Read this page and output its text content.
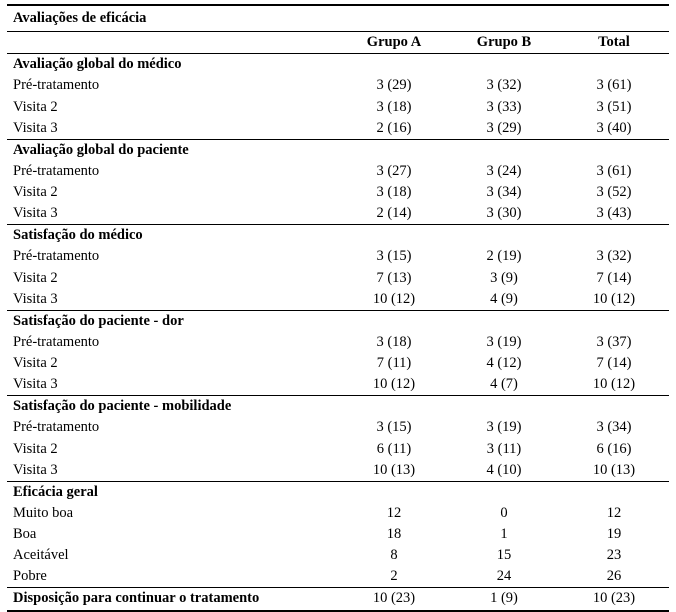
Avaliações de eficácia			
	Grupo A	Grupo B	Total
Avaliação global do médico			
Pré-tratamento	3 (29)	3 (32)	3 (61)
Visita 2	3 (18)	3 (33)	3 (51)
Visita 3	2 (16)	3 (29)	3 (40)
Avaliação global do paciente			
Pré-tratamento	3 (27)	3 (24)	3 (61)
Visita 2	3 (18)	3 (34)	3 (52)
Visita 3	2 (14)	3 (30)	3 (43)
Satisfação do médico			
Pré-tratamento	3 (15)	2 (19)	3 (32)
Visita 2	7 (13)	3 (9)	7 (14)
Visita 3	10 (12)	4 (9)	10 (12)
Satisfação do paciente - dor			
Pré-tratamento	3 (18)	3 (19)	3 (37)
Visita 2	7 (11)	4 (12)	7 (14)
Visita 3	10 (12)	4 (7)	10 (12)
Satisfação do paciente - mobilidade			
Pré-tratamento	3 (15)	3 (19)	3 (34)
Visita 2	6 (11)	3 (11)	6 (16)
Visita 3	10 (13)	4 (10)	10 (13)
Eficácia geral			
Muito boa	12	0	12
Boa	18	1	19
Aceitável	8	15	23
Pobre	2	24	26
Disposição para continuar o tratamento	10 (23)	1 (9)	10 (23)
